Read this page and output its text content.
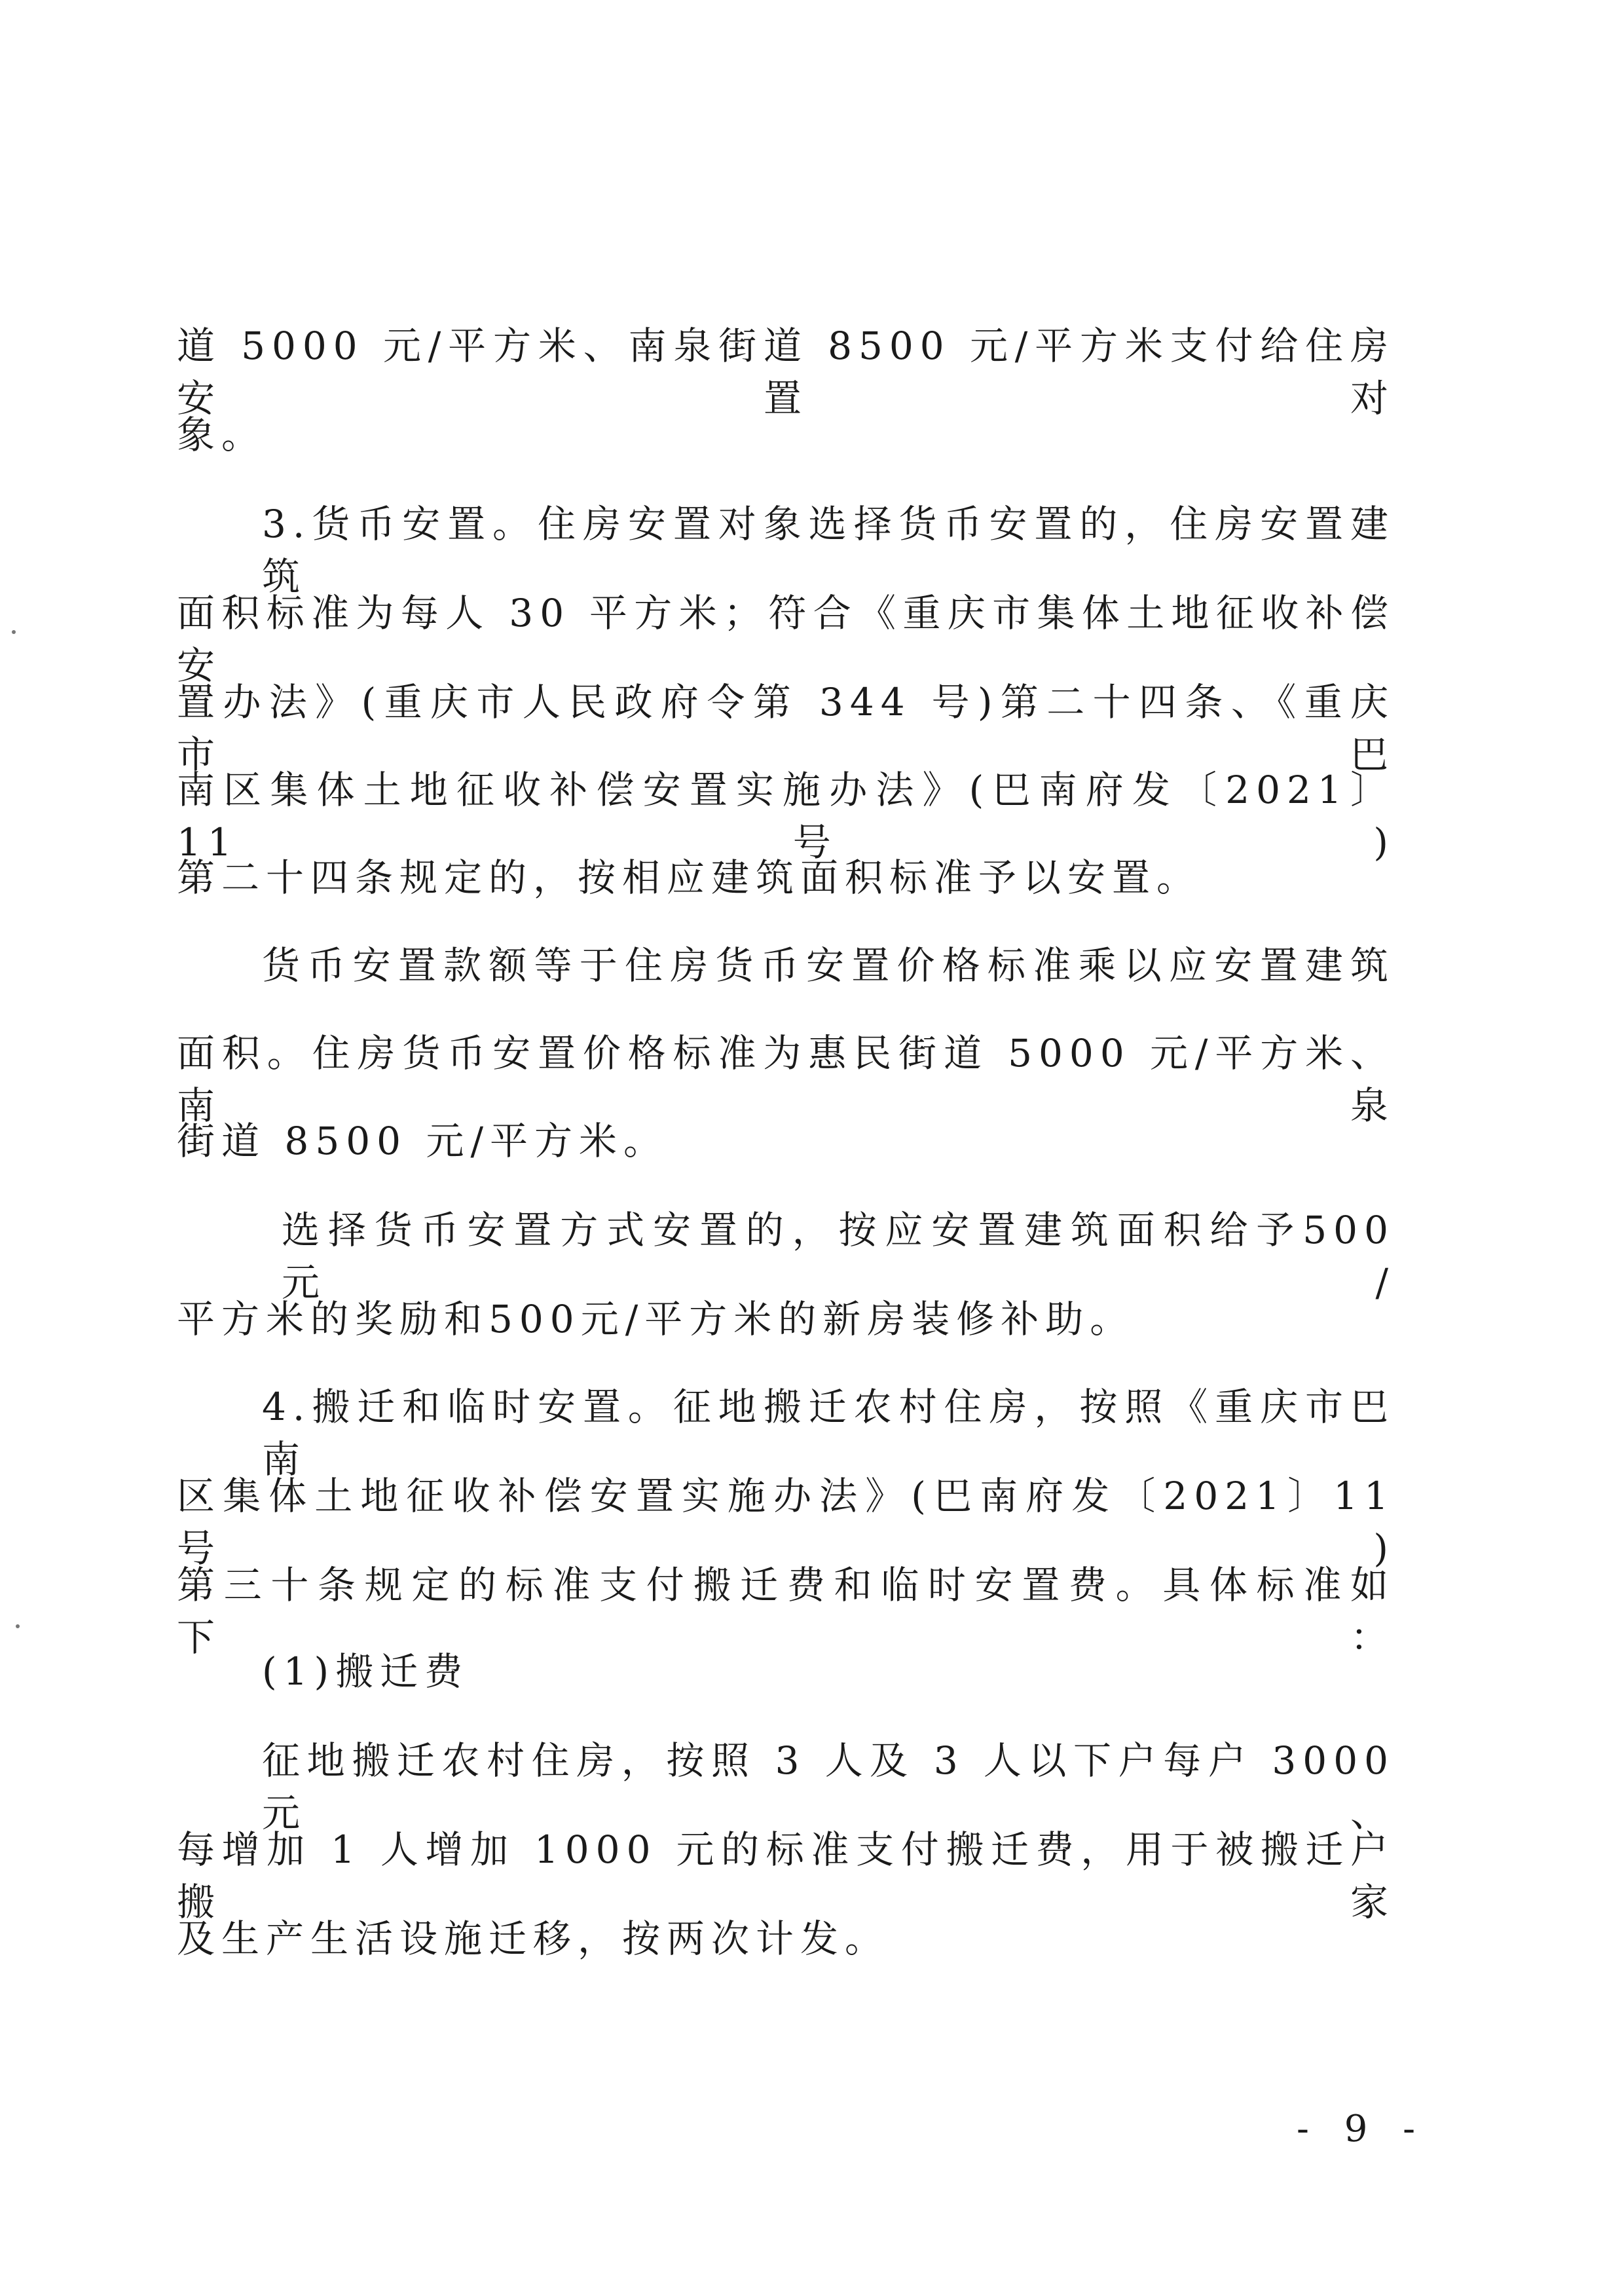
道 5000 元/平方米、南泉街道 8500 元/平方米支付给住房安置对
象。
3.货币安置。住房安置对象选择货币安置的，住房安置建筑
面积标准为每人 30 平方米；符合《重庆市集体土地征收补偿安
置办法》(重庆市人民政府令第 344 号)第二十四条、《重庆市巴
南区集体土地征收补偿安置实施办法》(巴南府发〔2021〕11 号)
第二十四条规定的，按相应建筑面积标准予以安置。
货币安置款额等于住房货币安置价格标准乘以应安置建筑
面积。住房货币安置价格标准为惠民街道 5000 元/平方米、南泉
街道 8500 元/平方米。
选择货币安置方式安置的，按应安置建筑面积给予500元/
平方米的奖励和500元/平方米的新房装修补助。
4.搬迁和临时安置。征地搬迁农村住房，按照《重庆市巴南
区集体土地征收补偿安置实施办法》(巴南府发〔2021〕11 号)
第三十条规定的标准支付搬迁费和临时安置费。具体标准如下：
(1)搬迁费
征地搬迁农村住房，按照 3 人及 3 人以下户每户 3000 元、
每增加 1 人增加 1000 元的标准支付搬迁费，用于被搬迁户搬家
及生产生活设施迁移，按两次计发。
- 9 -
